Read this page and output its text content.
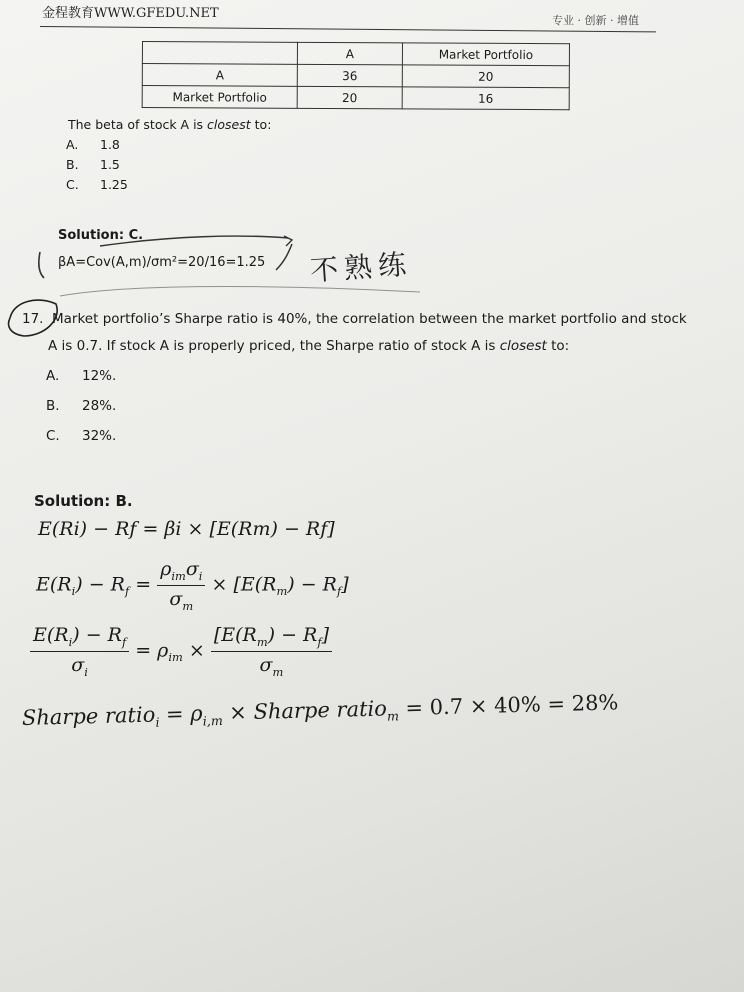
金程教育WWW.GFEDU.NET	专业 · 创新 · 增值
	A	Market Portfolio
A	36	20
Market Portfolio	20	16
The beta of stock A is closest to:
A. 1.8
B. 1.5
C. 1.25
Solution: C.
βA=Cov(A,m)/σm²=20/16=1.25 不熟练
17. Market portfolio’s Sharpe ratio is 40%, the correlation between the market portfolio and stock
A is 0.7. If stock A is properly priced, the Sharpe ratio of stock A is closest to:
A. 12%.
B. 28%.
C. 32%.
Solution: B.
E(Ri) − Rf = βi × [E(Rm) − Rf]
$E(R_i) - R_f = \frac{\rho_{im}\sigma_i}{\sigma_m} \times [E(R_m) - R_f]$
$\frac{E(R_i) - R_f}{\sigma_i} = \rho_{im} \times \frac{[E(R_m) - R_f]}{\sigma_m}$
Sharpe ratio$_i$ = $\rho_{i,m}$ × Sharpe ratio$_m$ = 0.7 × 40% = 28%
